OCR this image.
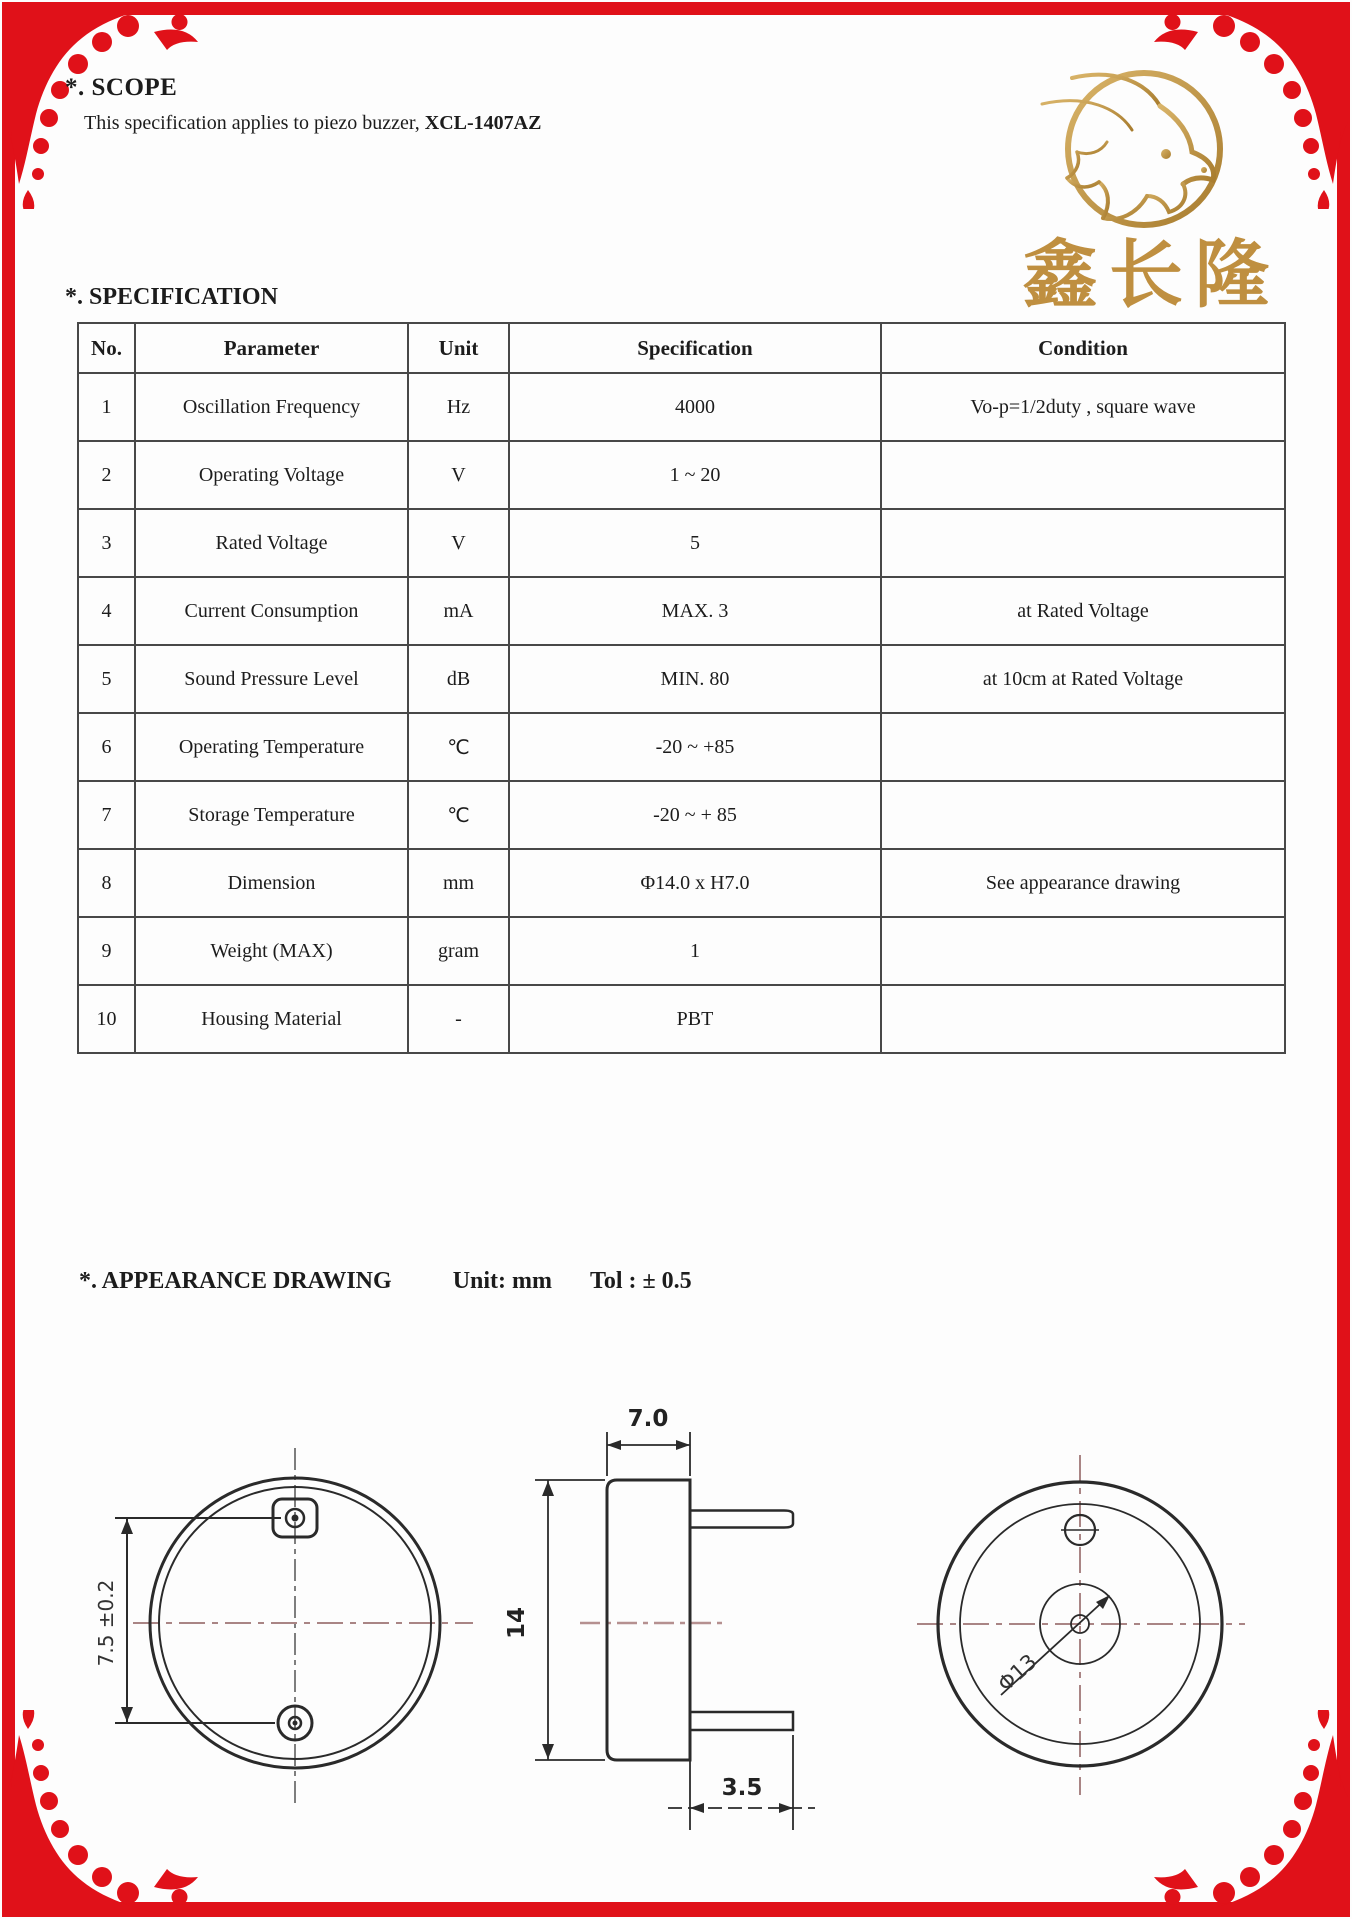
*. SCOPE
This specification applies to piezo buzzer, XCL-1407AZ
鑫长隆
*. SPECIFICATION
No.	Parameter	Unit	Specification	Condition
1	Oscillation Frequency	Hz	4000	Vo-p=1/2duty , square wave
2	Operating Voltage	V	1 ~ 20	
3	Rated Voltage	V	5	
4	Current Consumption	mA	MAX. 3	at Rated Voltage
5	Sound Pressure Level	dB	MIN. 80	at 10cm at Rated Voltage
6	Operating Temperature	℃	-20 ~ +85	
7	Storage Temperature	℃	-20 ~ + 85	
8	Dimension	mm	Φ14.0 x H7.0	See appearance drawing
9	Weight (MAX)	gram	1	
10	Housing Material	-	PBT	
*. APPEARANCE DRAWING	Unit: mm Tol : ± 0.5
7.5 ±0.2
7.0
14
3.5
Φ13
